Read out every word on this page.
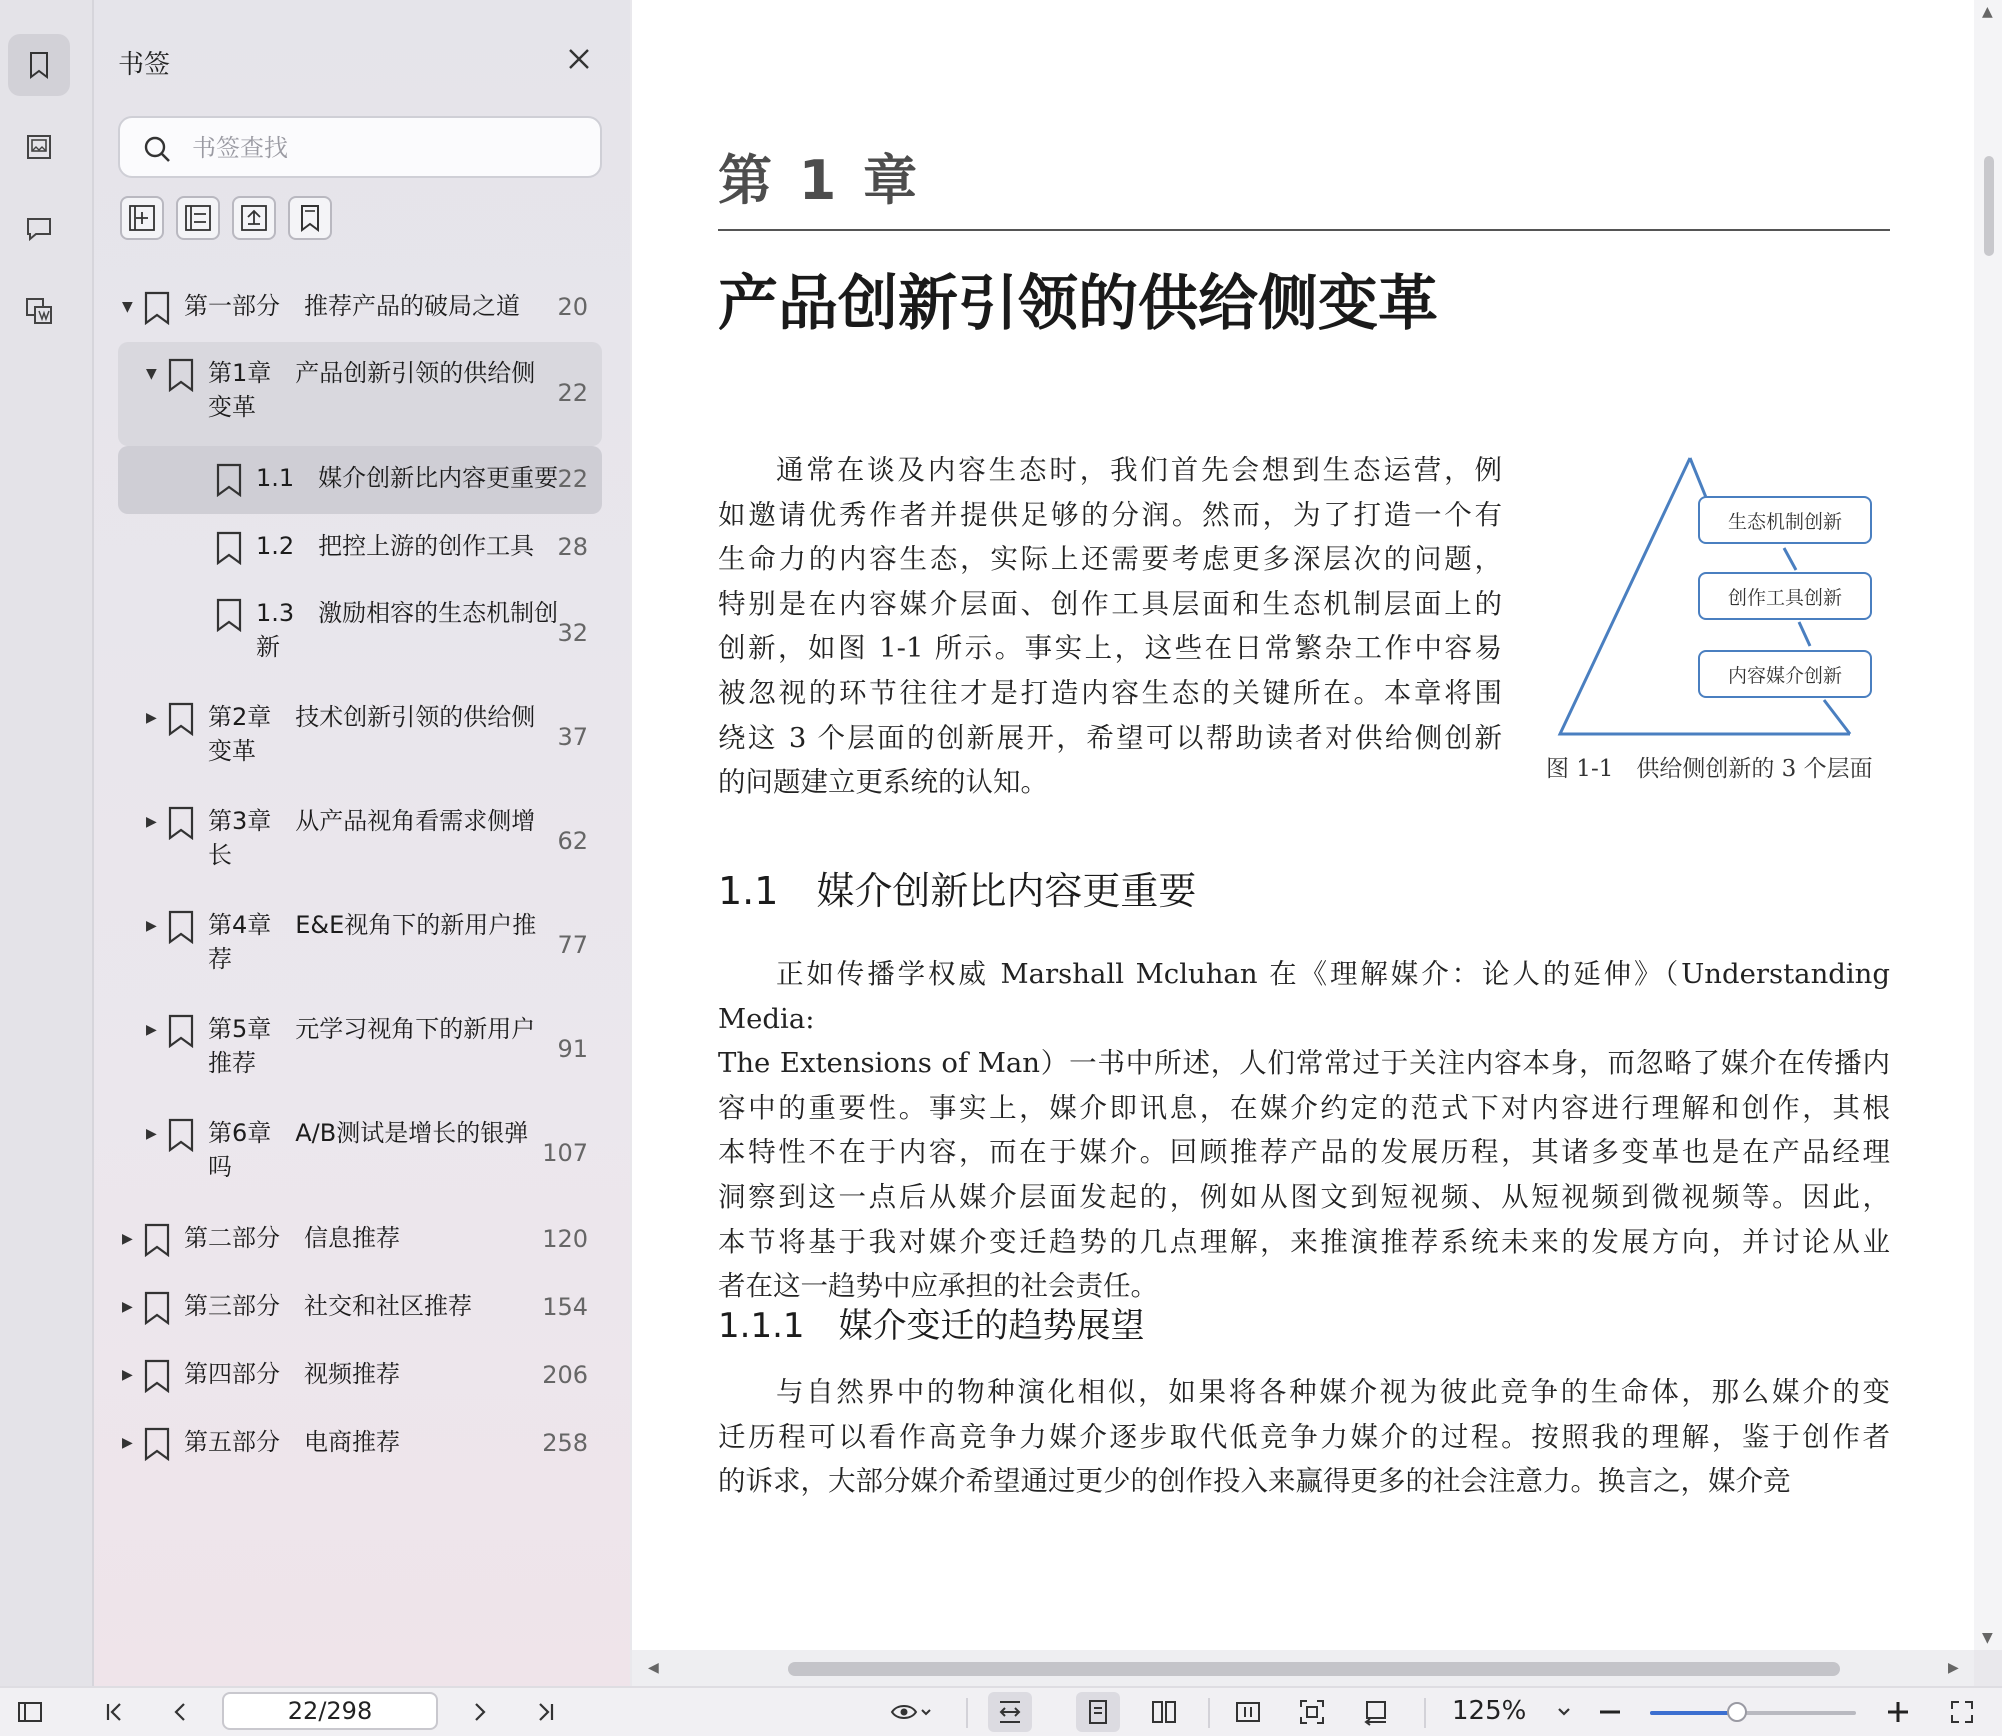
书签
书签查找
▼ 第一部分　推荐产品的破局之道 20
▼ 第1章　产品创新引领的供给侧
变革	22
1.1　媒介创新比内容更重要 22
1.2　把控上游的创作工具 28
1.3　激励相容的生态机制创
新	32
▶ 第2章　技术创新引领的供给侧
变革	37
▶ 第3章　从产品视角看需求侧增
长	62
▶ 第4章　E&E视角下的新用户推
荐	77
▶ 第5章　元学习视角下的新用户
推荐	91
▶ 第6章　A/B测试是增长的银弹
吗	107
▶ 第二部分　信息推荐	120
▶ 第三部分　社交和社区推荐	154
▶ 第四部分　视频推荐	206
▶ 第五部分　电商推荐	258
第 1 章
产品创新引领的供给侧变革
通常在谈及内容生态时，我们首先会想到生态运营，例
如邀请优秀作者并提供足够的分润。然而，为了打造一个有
生命力的内容生态，实际上还需要考虑更多深层次的问题，
特别是在内容媒介层面、创作工具层面和生态机制层面上的
创新，如图 1-1 所示。事实上，这些在日常繁杂工作中容易
被忽视的环节往往才是打造内容生态的关键所在。本章将围
绕这 3 个层面的创新展开，希望可以帮助读者对供给侧创新
的问题建立更系统的认知。
生态机制创新
创作工具创新
内容媒介创新
图 1-1　供给侧创新的 3 个层面
1.1　媒介创新比内容更重要
正如传播学权威 Marshall Mcluhan 在《理解媒介：论人的延伸》（Understanding Media:
The Extensions of Man）一书中所述，人们常常过于关注内容本身，而忽略了媒介在传播内
容中的重要性。事实上，媒介即讯息，在媒介约定的范式下对内容进行理解和创作，其根
本特性不在于内容，而在于媒介。回顾推荐产品的发展历程，其诸多变革也是在产品经理
洞察到这一点后从媒介层面发起的，例如从图文到短视频、从短视频到微视频等。因此，
本节将基于我对媒介变迁趋势的几点理解，来推演推荐系统未来的发展方向，并讨论从业
者在这一趋势中应承担的社会责任。
1.1.1　媒介变迁的趋势展望
与自然界中的物种演化相似，如果将各种媒介视为彼此竞争的生命体，那么媒介的变
迁历程可以看作高竞争力媒介逐步取代低竞争力媒介的过程。按照我的理解，鉴于创作者
的诉求，大部分媒介希望通过更少的创作投入来赢得更多的社会注意力。换言之，媒介竞
▲
▼
◀	▶
22/298	125%
